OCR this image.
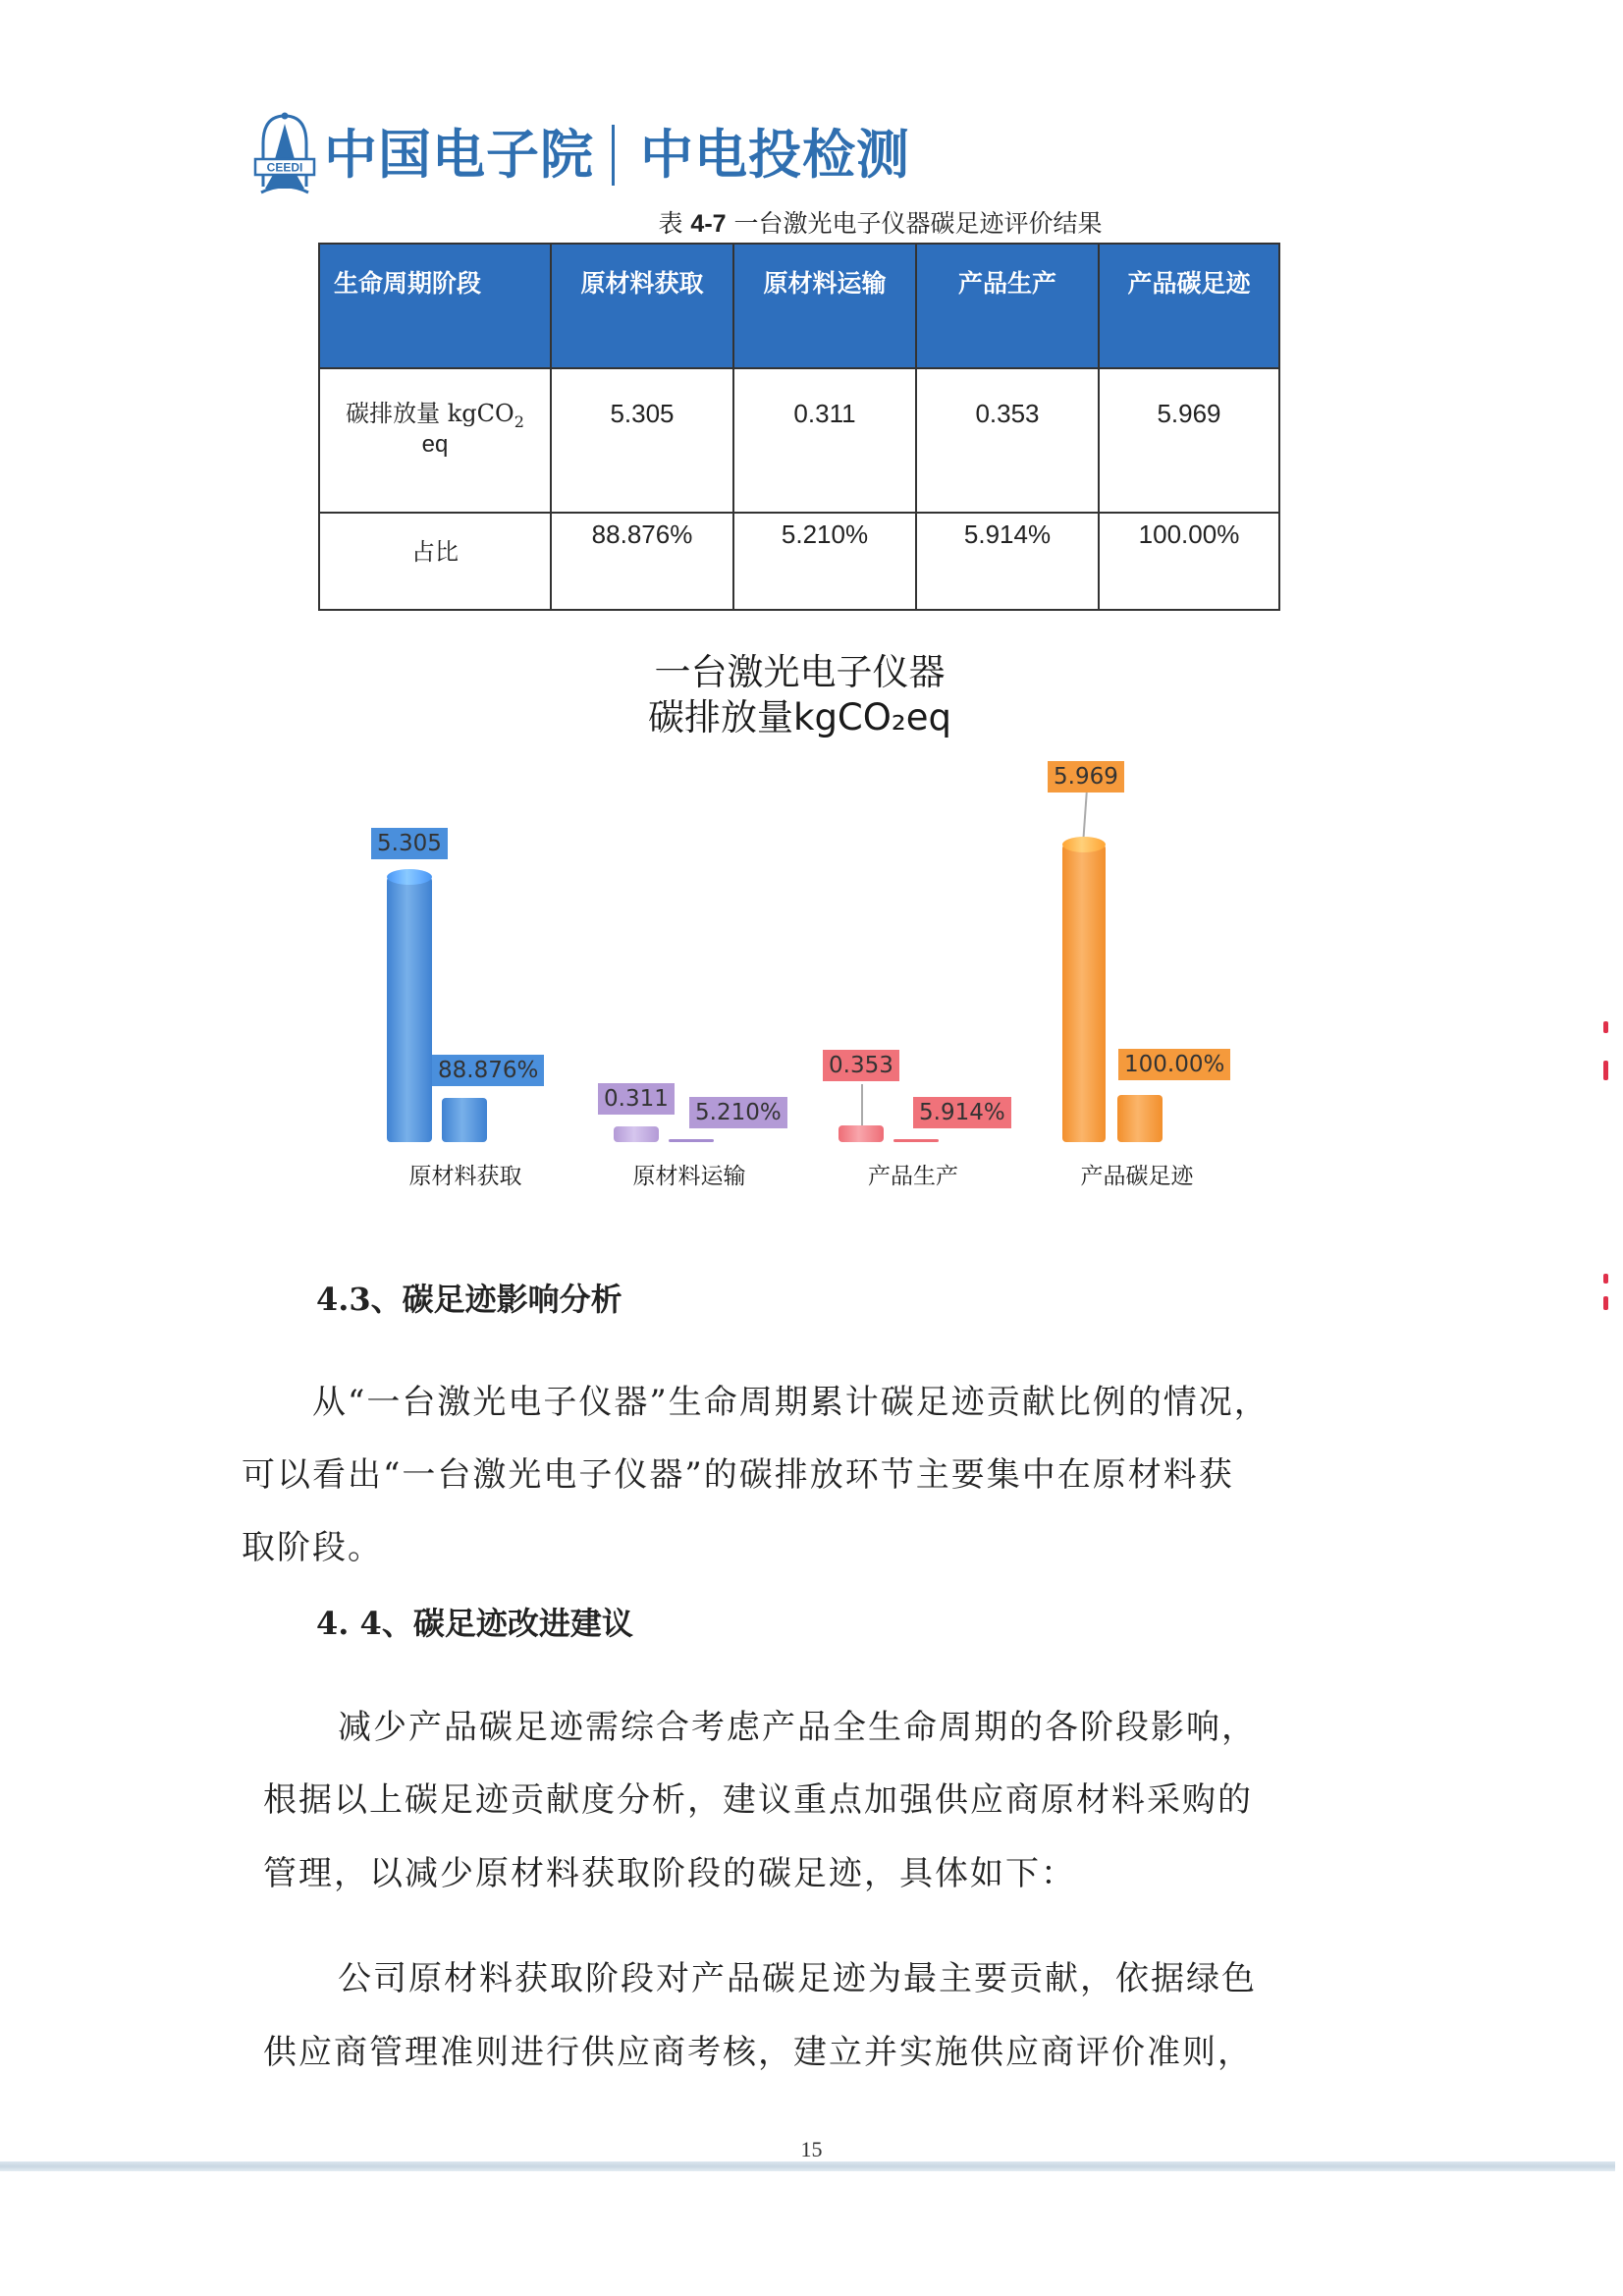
CEEDI 中国电子院 中电投检测
表 4-7 一台激光电子仪器碳足迹评价结果
生命周期阶段	原材料获取	原材料运输	产品生产	产品碳足迹
碳排放量 kgCO$_2$
eq	5.305	0.311	0.353	5.969
占比	88.876%	5.210%	5.914%	100.00%
一台激光电子仪器
碳排放量kgCO₂eq
5.305
88.876%
0.311
5.210%
0.353
5.914%
5.969
100.00%
原材料获取	原材料运输	产品生产	产品碳足迹
4.3、碳足迹影响分析
从“一台激光电子仪器”生命周期累计碳足迹贡献比例的情况，
可以看出“一台激光电子仪器”的碳排放环节主要集中在原材料获
取阶段。
4. 4、碳足迹改进建议
减少产品碳足迹需综合考虑产品全生命周期的各阶段影响，
根据以上碳足迹贡献度分析，建议重点加强供应商原材料采购的
管理，以减少原材料获取阶段的碳足迹，具体如下：
公司原材料获取阶段对产品碳足迹为最主要贡献，依据绿色
供应商管理准则进行供应商考核，建立并实施供应商评价准则，
15
